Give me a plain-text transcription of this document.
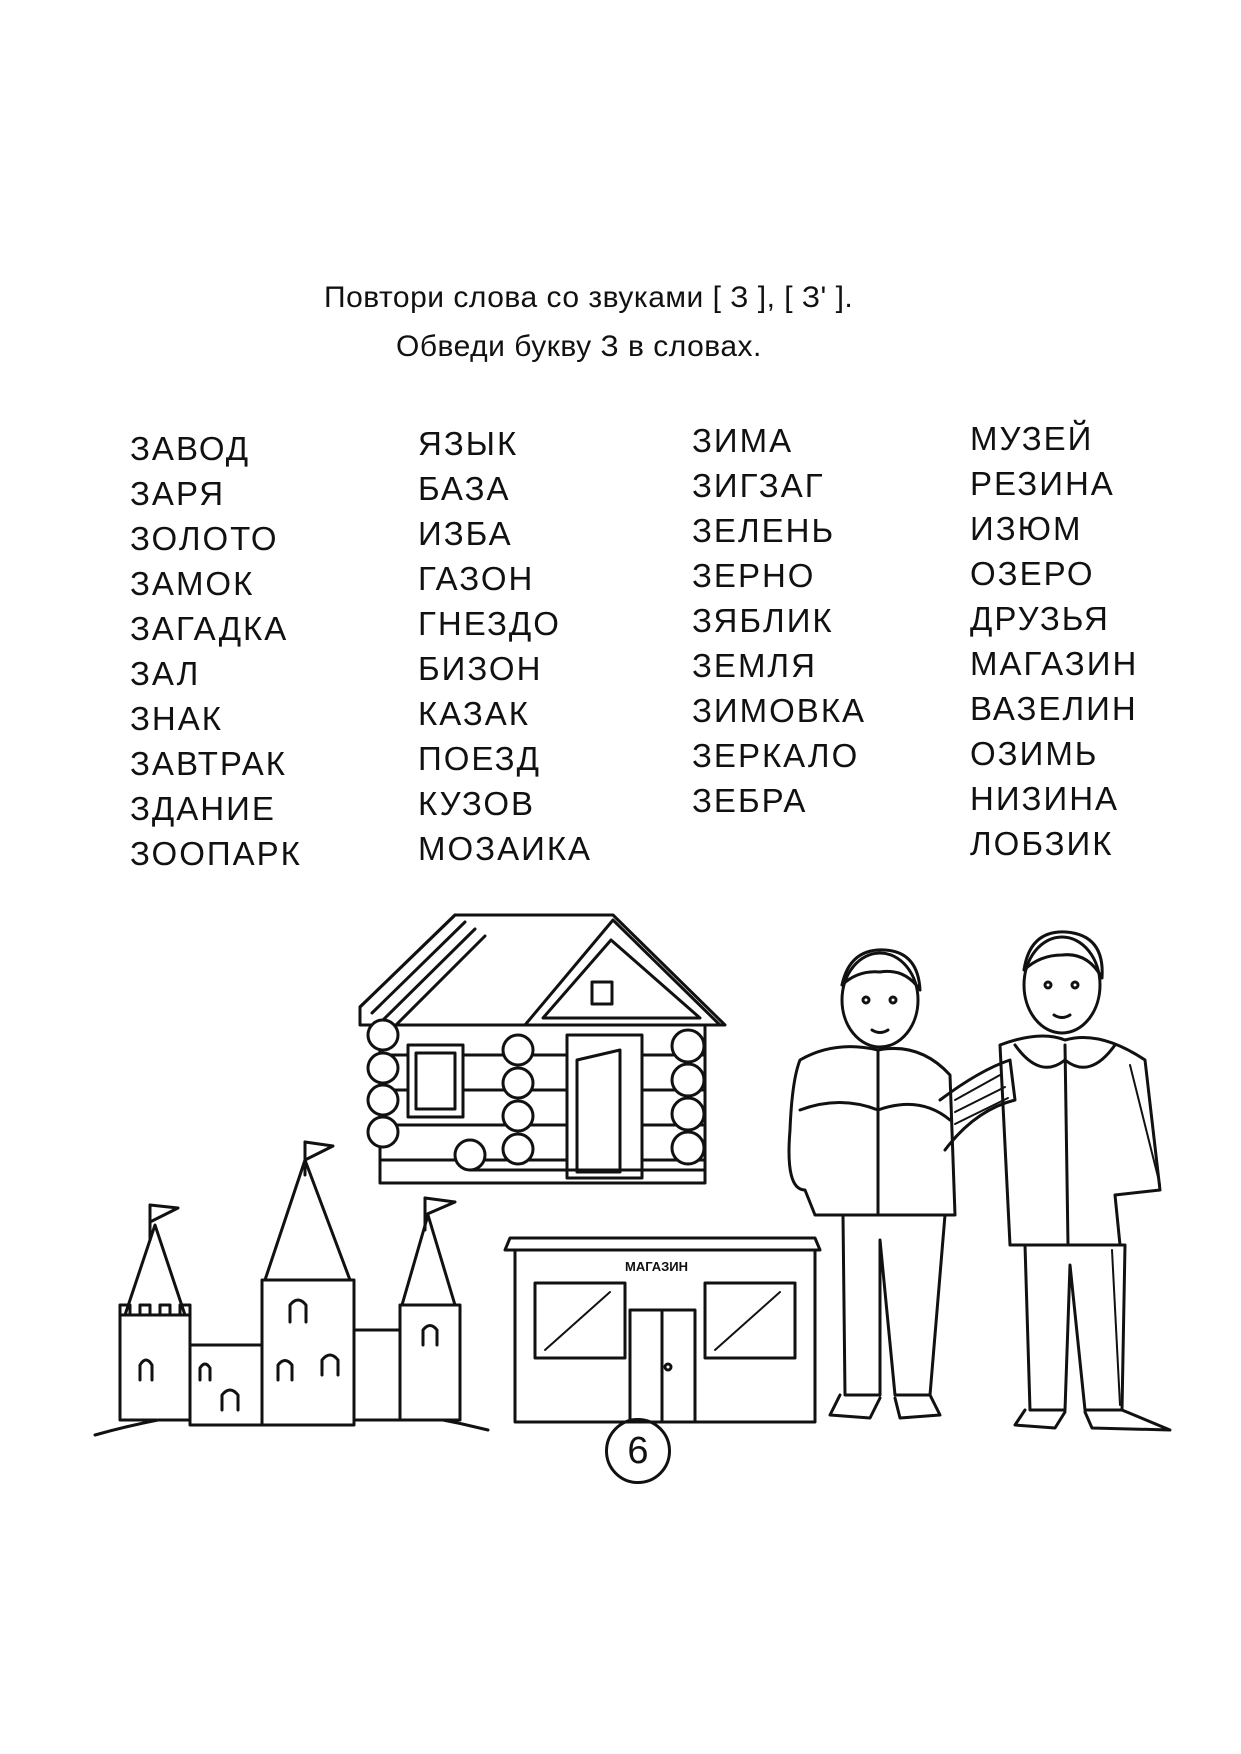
Повтори слова со звуками [ З ], [ З' ].
Обведи букву З в словах.
ЗАВОД
ЗАРЯ
ЗОЛОТО
ЗАМОК
ЗАГАДКА
ЗАЛ
ЗНАК
ЗАВТРАК
ЗДАНИЕ
ЗООПАРК
ЯЗЫК
БАЗА
ИЗБА
ГАЗОН
ГНЕЗДО
БИЗОН
КАЗАК
ПОЕЗД
КУЗОВ
МОЗАИКА
ЗИМА
ЗИГЗАГ
ЗЕЛЕНЬ
ЗЕРНО
ЗЯБЛИК
ЗЕМЛЯ
ЗИМОВКА
ЗЕРКАЛО
ЗЕБРА
МУЗЕЙ
РЕЗИНА
ИЗЮМ
ОЗЕРО
ДРУЗЬЯ
МАГАЗИН
ВАЗЕЛИН
ОЗИМЬ
НИЗИНА
ЛОБЗИК
МАГАЗИН
6
